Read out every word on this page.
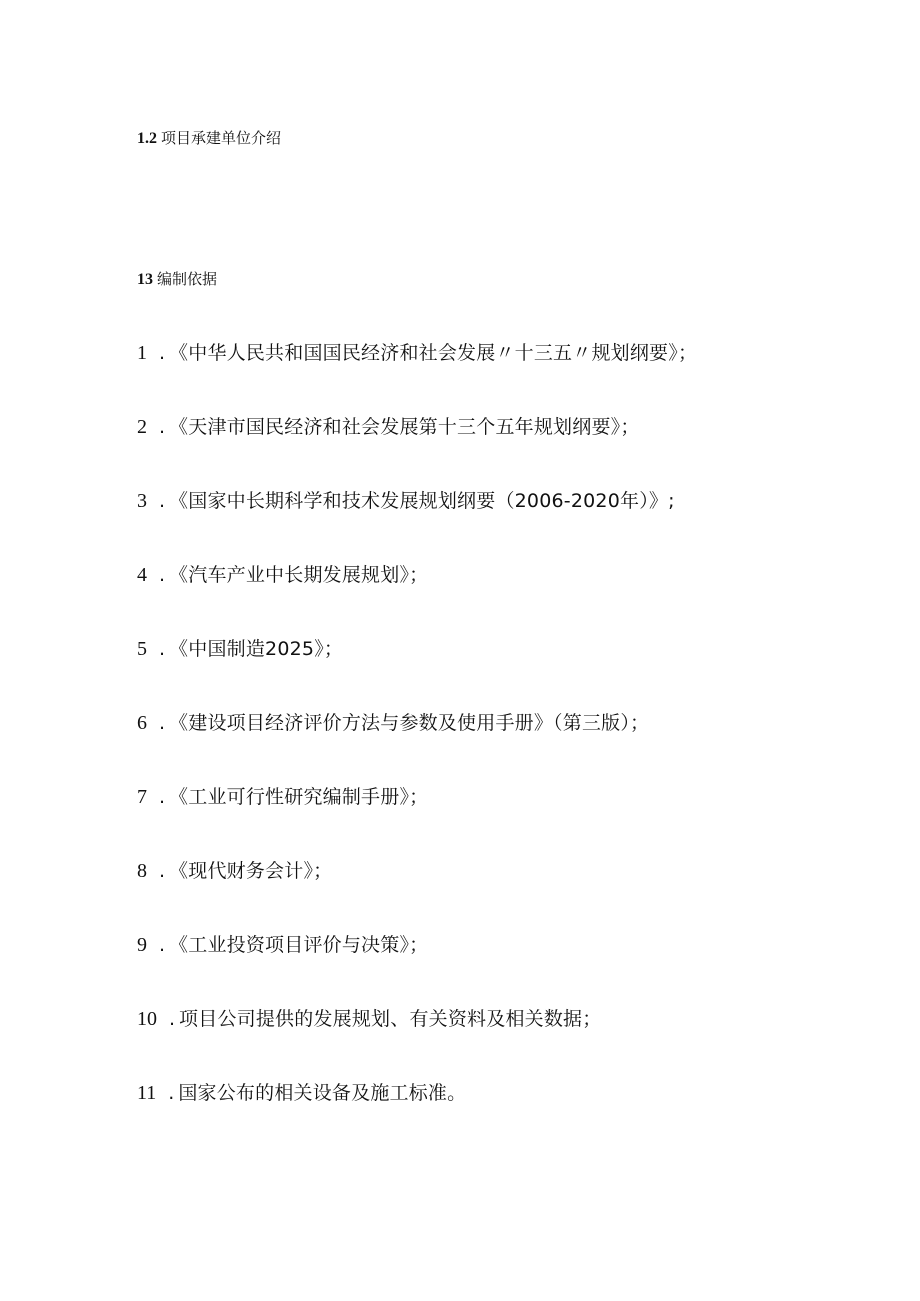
1.2 项目承建单位介绍
13 编制依据
1 . 《中华人民共和国国民经济和社会发展〃十三五〃规划纲要》；
2 . 《天津市国民经济和社会发展第十三个五年规划纲要》；
3 . 《国家中长期科学和技术发展规划纲要（2006-2020年）》;
4 . 《汽车产业中长期发展规划》；
5 . 《中国制造2025》；
6 . 《建设项目经济评价方法与参数及使用手册》（第三版）；
7 . 《工业可行性研究编制手册》；
8 . 《现代财务会计》；
9 . 《工业投资项目评价与决策》；
10 . 项目公司提供的发展规划、有关资料及相关数据；
11 . 国家公布的相关设备及施工标准。
